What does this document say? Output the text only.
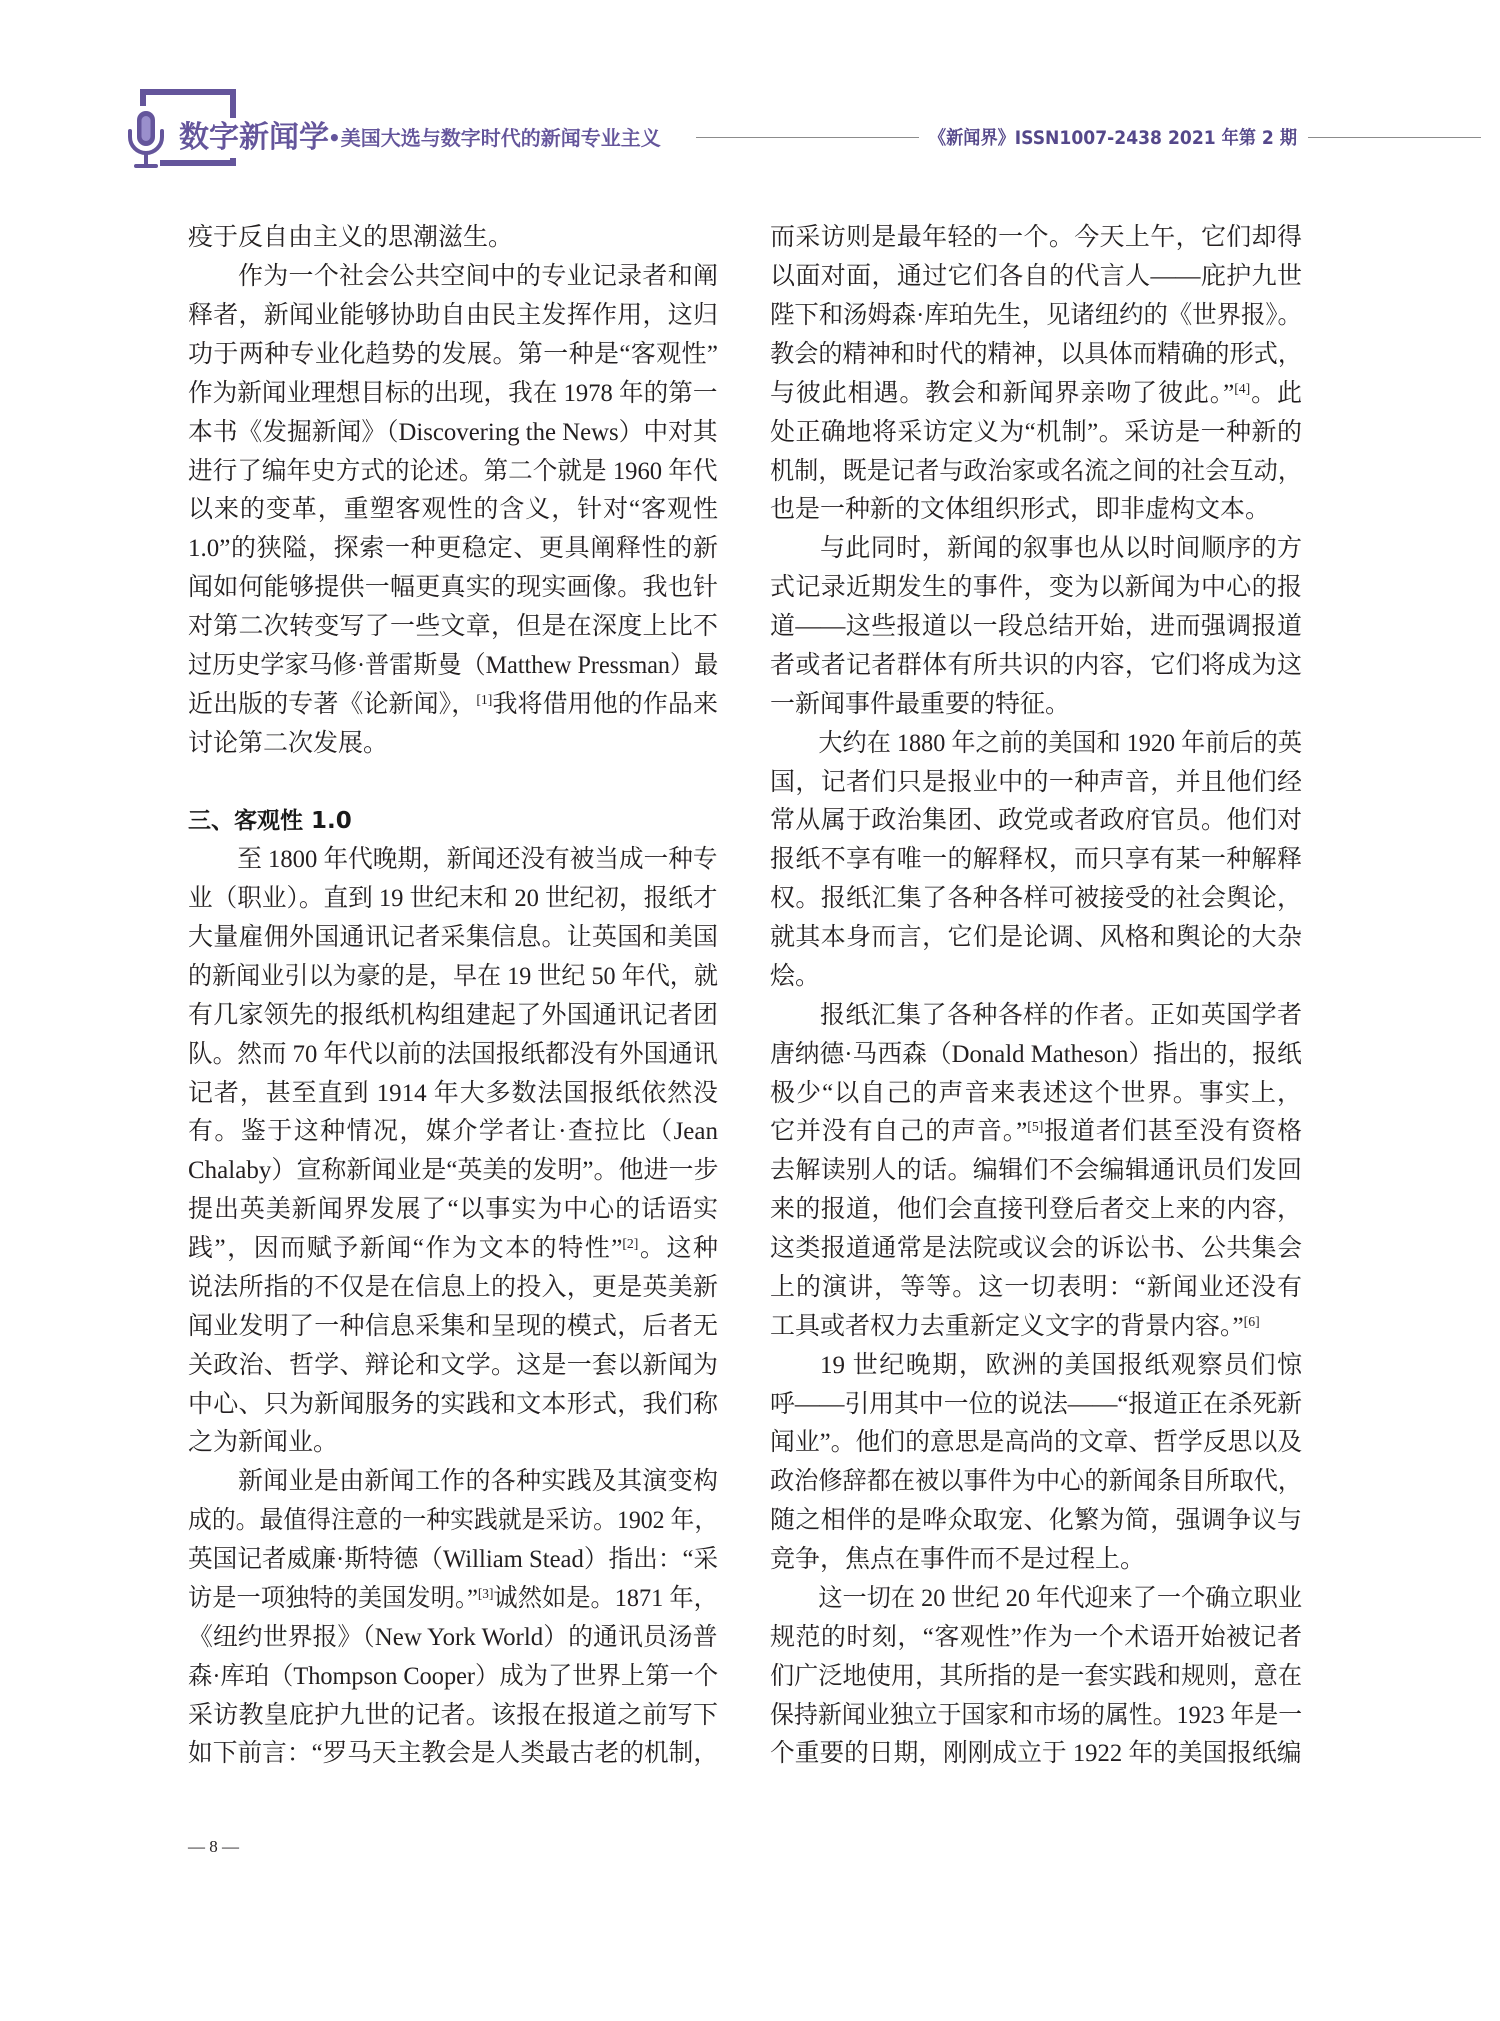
数字新闻学 •美国大选与数字时代的新闻专业主义	《新闻界》ISSN1007-2438 2021 年第 2 期
疫于反自由主义的思潮滋生。
作为一个社会公共空间中的专业记录者和阐
释者，新闻业能够协助自由民主发挥作用，这归
功于两种专业化趋势的发展。第一种是“客观性”
作为新闻业理想目标的出现，我在 1978 年的第一
本书《发掘新闻》（Discovering the News）中对其
进行了编年史方式的论述。第二个就是 1960 年代
以来的变革，重塑客观性的含义，针对“客观性
1.0”的狭隘，探索一种更稳定、更具阐释性的新
闻如何能够提供一幅更真实的现实画像。我也针
对第二次转变写了一些文章，但是在深度上比不
过历史学家马修·普雷斯曼（Matthew Pressman）最
近出版的专著《论新闻》，[1]我将借用他的作品来
讨论第二次发展。
三、客观性 1.0
至 1800 年代晚期，新闻还没有被当成一种专
业（职业）。直到 19 世纪末和 20 世纪初，报纸才
大量雇佣外国通讯记者采集信息。让英国和美国
的新闻业引以为豪的是，早在 19 世纪 50 年代，就
有几家领先的报纸机构组建起了外国通讯记者团
队。然而 70 年代以前的法国报纸都没有外国通讯
记者，甚至直到 1914 年大多数法国报纸依然没
有。鉴于这种情况，媒介学者让·查拉比（Jean
Chalaby）宣称新闻业是“英美的发明”。他进一步
提出英美新闻界发展了“以事实为中心的话语实
践”，因而赋予新闻“作为文本的特性”[2]。这种
说法所指的不仅是在信息上的投入，更是英美新
闻业发明了一种信息采集和呈现的模式，后者无
关政治、哲学、辩论和文学。这是一套以新闻为
中心、只为新闻服务的实践和文本形式，我们称
之为新闻业。
新闻业是由新闻工作的各种实践及其演变构
成的。最值得注意的一种实践就是采访。1902 年，
英国记者威廉·斯特德（William Stead）指出：“采
访是一项独特的美国发明。”[3]诚然如是。1871 年，
《纽约世界报》（New York World）的通讯员汤普
森·库珀（Thompson Cooper）成为了世界上第一个
采访教皇庇护九世的记者。该报在报道之前写下
如下前言：“罗马天主教会是人类最古老的机制，
而采访则是最年轻的一个。今天上午，它们却得
以面对面，通过它们各自的代言人——庇护九世
陛下和汤姆森·库珀先生，见诸纽约的《世界报》。
教会的精神和时代的精神，以具体而精确的形式，
与彼此相遇。教会和新闻界亲吻了彼此。”[4]。此
处正确地将采访定义为“机制”。采访是一种新的
机制，既是记者与政治家或名流之间的社会互动，
也是一种新的文体组织形式，即非虚构文本。
与此同时，新闻的叙事也从以时间顺序的方
式记录近期发生的事件，变为以新闻为中心的报
道——这些报道以一段总结开始，进而强调报道
者或者记者群体有所共识的内容，它们将成为这
一新闻事件最重要的特征。
大约在 1880 年之前的美国和 1920 年前后的英
国，记者们只是报业中的一种声音，并且他们经
常从属于政治集团、政党或者政府官员。他们对
报纸不享有唯一的解释权，而只享有某一种解释
权。报纸汇集了各种各样可被接受的社会舆论，
就其本身而言，它们是论调、风格和舆论的大杂
烩。
报纸汇集了各种各样的作者。正如英国学者
唐纳德·马西森（Donald Matheson）指出的，报纸
极少“以自己的声音来表述这个世界。事实上，
它并没有自己的声音。”[5]报道者们甚至没有资格
去解读别人的话。编辑们不会编辑通讯员们发回
来的报道，他们会直接刊登后者交上来的内容，
这类报道通常是法院或议会的诉讼书、公共集会
上的演讲，等等。这一切表明：“新闻业还没有
工具或者权力去重新定义文字的背景内容。”[6]
19 世纪晚期，欧洲的美国报纸观察员们惊
呼——引用其中一位的说法——“报道正在杀死新
闻业”。他们的意思是高尚的文章、哲学反思以及
政治修辞都在被以事件为中心的新闻条目所取代，
随之相伴的是哗众取宠、化繁为简，强调争议与
竞争，焦点在事件而不是过程上。
这一切在 20 世纪 20 年代迎来了一个确立职业
规范的时刻，“客观性”作为一个术语开始被记者
们广泛地使用，其所指的是一套实践和规则，意在
保持新闻业独立于国家和市场的属性。1923 年是一
个重要的日期，刚刚成立于 1922 年的美国报纸编
— 8 —
